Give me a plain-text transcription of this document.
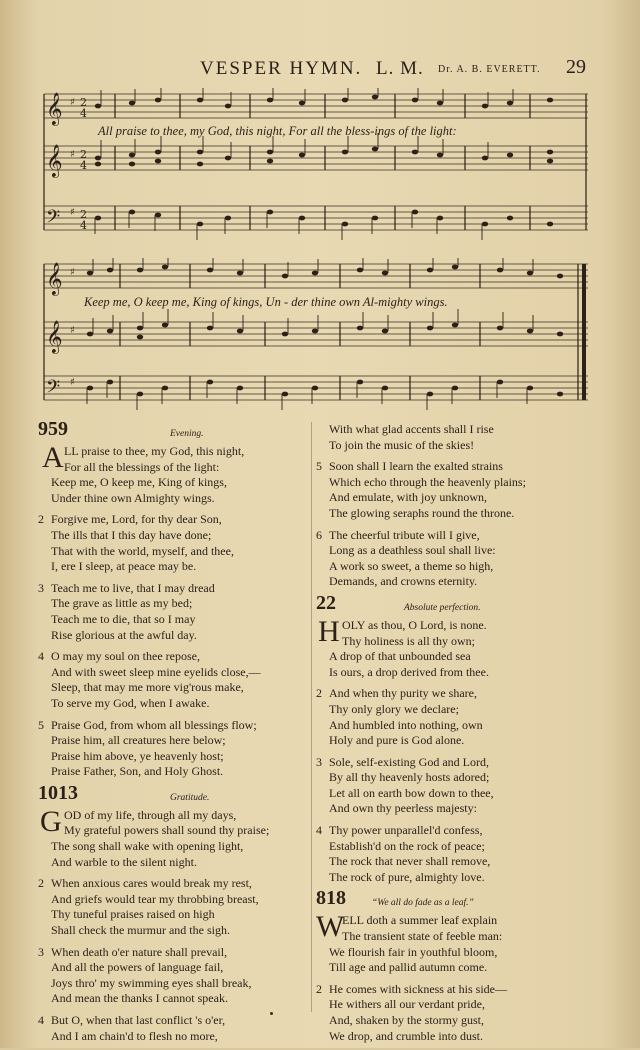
VESPER HYMN. L. M. Dr. A. B. EVERETT. 29
𝄞
𝄞
𝄢
♯
♯
♯
2
4
2
4
2
4
All praise to thee, my God, this night, For all the bless-ings of the light:
𝄞
𝄞
𝄢
♯
♯
♯
Keep me, O keep me, King of kings, Un - der thine own Al-mighty wings.
959	Evening.
A LL praise to thee, my God, this night,
For all the blessings of the light:
Keep me, O keep me, King of kings,
Under thine own Almighty wings.
2 Forgive me, Lord, for thy dear Son,
The ills that I this day have done;
That with the world, myself, and thee,
I, ere I sleep, at peace may be.
3 Teach me to live, that I may dread
The grave as little as my bed;
Teach me to die, that so I may
Rise glorious at the awful day.
4 O may my soul on thee repose,
And with sweet sleep mine eyelids close,—
Sleep, that may me more vig'rous make,
To serve my God, when I awake.
5 Praise God, from whom all blessings flow;
Praise him, all creatures here below;
Praise him above, ye heavenly host;
Praise Father, Son, and Holy Ghost.
1013	Gratitude.
G OD of my life, through all my days,
My grateful powers shall sound thy praise;
The song shall wake with opening light,
And warble to the silent night.
2 When anxious cares would break my rest,
And griefs would tear my throbbing breast,
Thy tuneful praises raised on high
Shall check the murmur and the sigh.
3 When death o'er nature shall prevail,
And all the powers of language fail,
Joys thro' my swimming eyes shall break,
And mean the thanks I cannot speak.
4 But O, when that last conflict 's o'er,
And I am chain'd to flesh no more,
With what glad accents shall I rise
To join the music of the skies!
5 Soon shall I learn the exalted strains
Which echo through the heavenly plains;
And emulate, with joy unknown,
The glowing seraphs round the throne.
6 The cheerful tribute will I give,
Long as a deathless soul shall live:
A work so sweet, a theme so high,
Demands, and crowns eternity.
22	Absolute perfection.
H OLY as thou, O Lord, is none.
Thy holiness is all thy own;
A drop of that unbounded sea
Is ours, a drop derived from thee.
2 And when thy purity we share,
Thy only glory we declare;
And humbled into nothing, own
Holy and pure is God alone.
3 Sole, self-existing God and Lord,
By all thy heavenly hosts adored;
Let all on earth bow down to thee,
And own thy peerless majesty:
4 Thy power unparallel'd confess,
Establish'd on the rock of peace;
The rock that never shall remove,
The rock of pure, almighty love.
818	“We all do fade as a leaf.”
W
ELL doth a summer leaf explain
The transient state of feeble man:
We flourish fair in youthful bloom,
Till age and pallid autumn come.
2 He comes with sickness at his side—
He withers all our verdant pride,
And, shaken by the stormy gust,
We drop, and crumble into dust.
